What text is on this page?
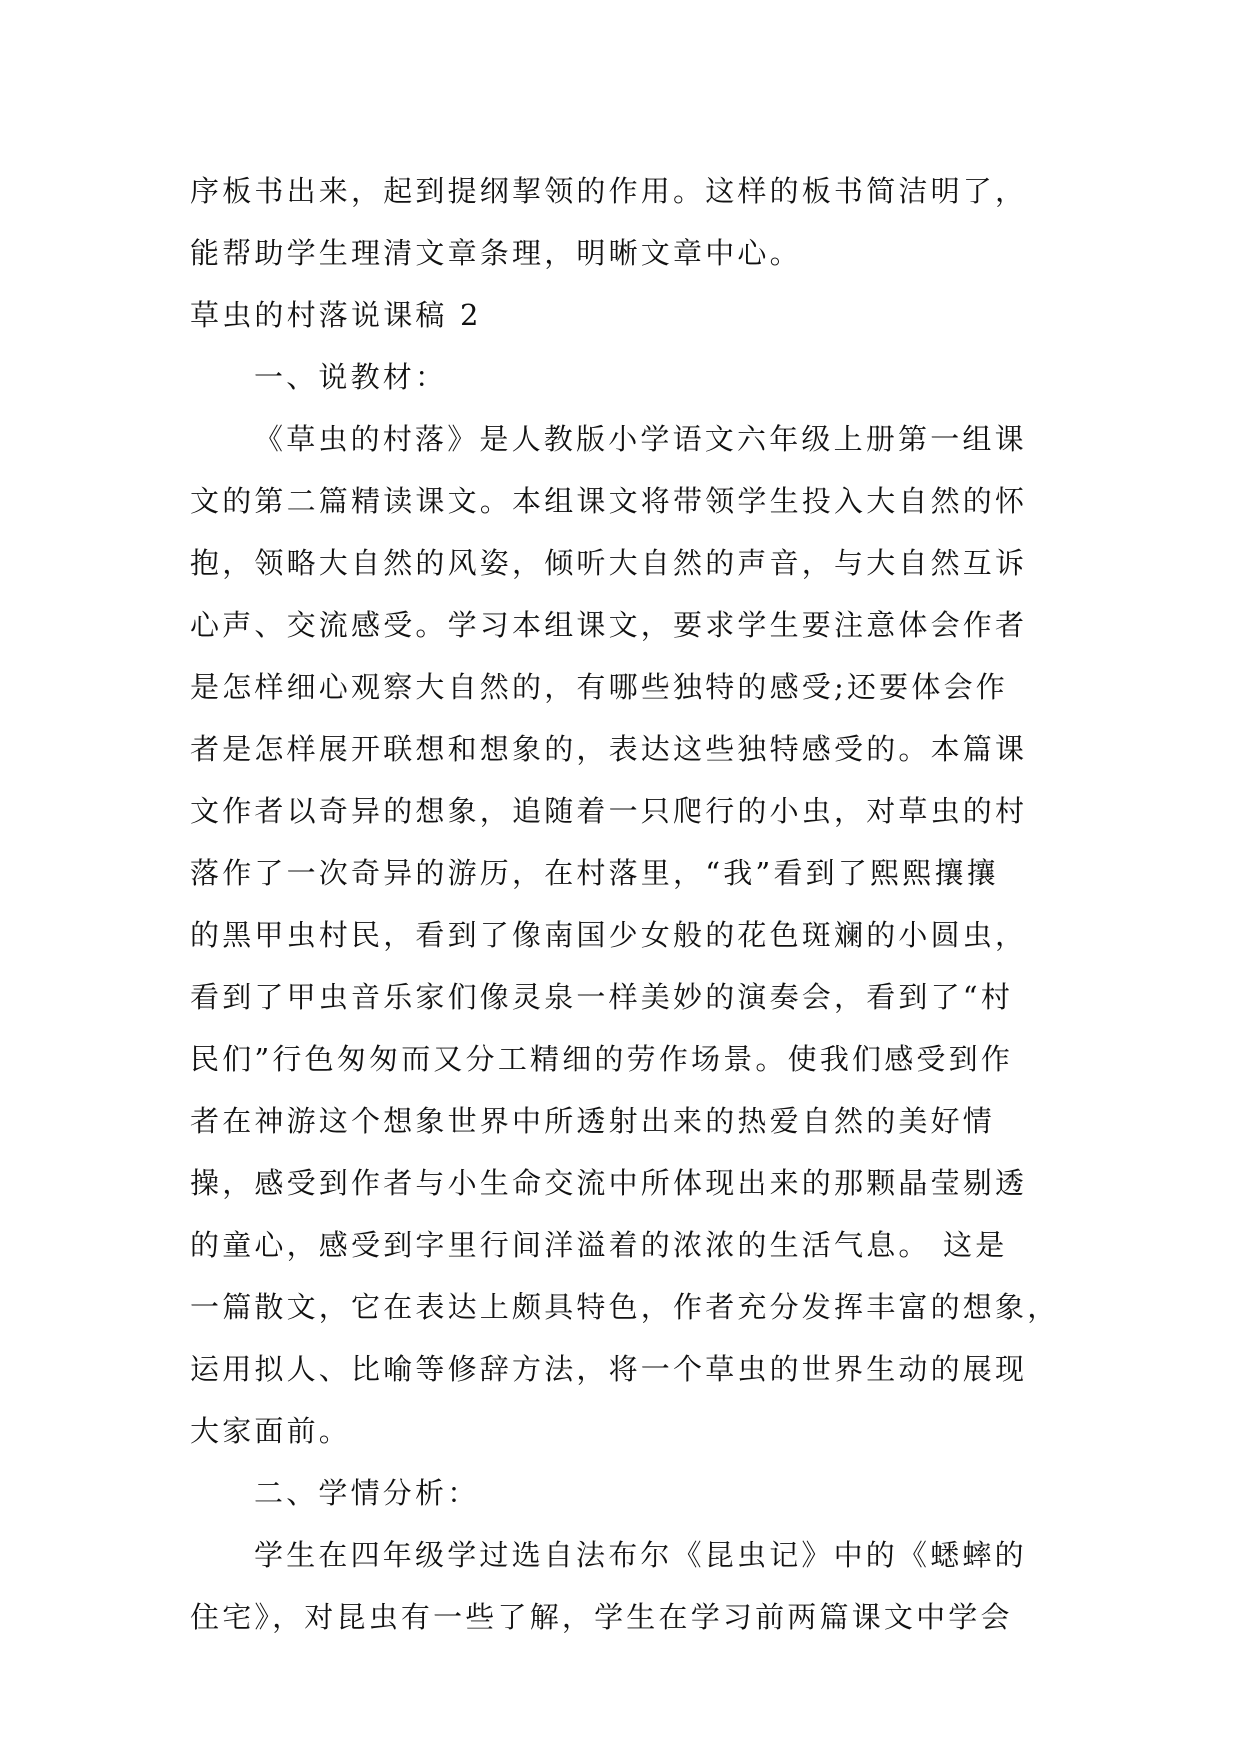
序板书出来，起到提纲挈领的作用。这样的板书简洁明了，
能帮助学生理清文章条理，明晰文章中心。
草虫的村落说课稿 2
一、说教材：
《草虫的村落》是人教版小学语文六年级上册第一组课
文的第二篇精读课文。本组课文将带领学生投入大自然的怀
抱，领略大自然的风姿，倾听大自然的声音，与大自然互诉
心声、交流感受。学习本组课文，要求学生要注意体会作者
是怎样细心观察大自然的，有哪些独特的感受;还要体会作
者是怎样展开联想和想象的，表达这些独特感受的。本篇课
文作者以奇异的想象，追随着一只爬行的小虫，对草虫的村
落作了一次奇异的游历，在村落里，“我”看到了熙熙攘攘
的黑甲虫村民，看到了像南国少女般的花色斑斓的小圆虫，
看到了甲虫音乐家们像灵泉一样美妙的演奏会，看到了“村
民们”行色匆匆而又分工精细的劳作场景。使我们感受到作
者在神游这个想象世界中所透射出来的热爱自然的美好情
操，感受到作者与小生命交流中所体现出来的那颗晶莹剔透
的童心，感受到字里行间洋溢着的浓浓的生活气息。 这是
一篇散文，它在表达上颇具特色，作者充分发挥丰富的想象，
运用拟人、比喻等修辞方法，将一个草虫的世界生动的展现
大家面前。
二、学情分析：
学生在四年级学过选自法布尔《昆虫记》中的《蟋蟀的
住宅》，对昆虫有一些了解，学生在学习前两篇课文中学会
